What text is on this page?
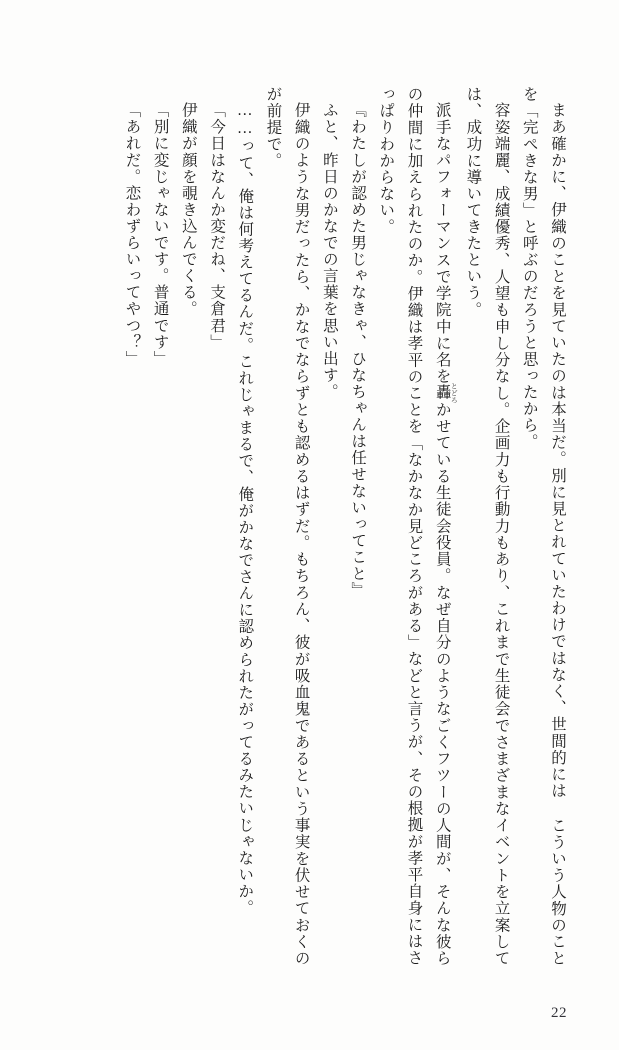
まあ確かに、伊織のことを見ていたのは本当だ。別に見とれていたわけではなく、世間的には こういう人物のことを「完ぺきな男」と呼ぶのだろうと思ったから。

容姿端麗、成績優秀、人望も申し分なし。企画力も行動力もあり、これまで生徒会でさまざまなイベントを立案しては、成功に導いてきたという。

派手なパフォーマンスで学院中に名を轟 とどろかせている生徒会役員。なぜ自分のようなごくフツーの人間が、そんな彼らの仲間に加えられたのか。伊織は孝平のことを「なかなか見どころがある」などと言うが、その根拠が孝平自身にはさっぱりわからない。

『わたしが認めた男じゃなきゃ、ひなちゃんは任せないってこと』

ふと、昨日のかなでの言葉を思い出す。

伊織のような男だったら、かなでならずとも認めるはずだ。もちろん、彼が吸血鬼であるという事実を伏せておくのが前提で。

……って、俺は何考えてるんだ。これじゃまるで、俺がかなでさんに認められたがってるみたいじゃないか。

「今日はなんか変だね、支倉君」

伊織が顔を覗き込んでくる。

「別に変じゃないです。普通です」

「あれだ。恋わずらいってやつ？」

22
